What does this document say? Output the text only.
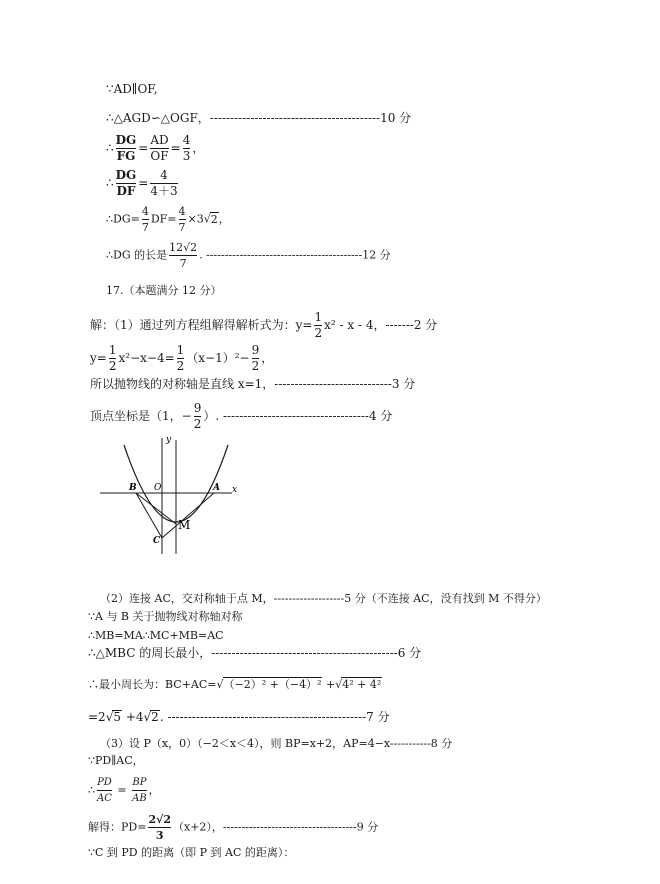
∵AD∥OF,
∴△AGD∽△OGF，------------------------------------------10 分
∴ $\frac{DG}{FG} = \frac{AD}{OF} = \frac{4}{3}$ ，
∴ $\frac{DG}{DF} = \frac{4}{4+3}$
∴DG= $\frac{4}{7} DF= \frac{4}{7} \times 3√2$，
∴DG 的长是 $\frac{12√2}{7}$ . ------------------------------------------12 分
17.（本题满分 12 分）
解：（1）通过列方程组解得解析式为：$y= \frac{1}{2} x^2 - x - 4$，-------2 分
$y= \frac{1}{2} x^2-x-4= \frac{1}{2} (x-1)^2- \frac{9}{2}$ ，
所以抛物线的对称轴是直线 x=1，-----------------------------3 分
顶点坐标是（1，− $\frac{9}{2}$ ）. ------------------------------------4 分
y
x
O
B	A
C
M
（2）连接 AC，交对称轴于点 M，-------------------5 分（不连接 AC，没有找到 M 不得分）
∵A 与 B 关于抛物线对称轴对称
∴MB=MA∴MC+MB=AC
∴△MBC 的周长最小，----------------------------------------------6 分
∴最小周长为：BC+AC=√（−2）² +（−4）² +√4² + 4²
=2√5 +4√2. -------------------------------------------------7 分
（3）设 P（x，0）（−2＜x＜4），则 BP=x+2，AP=4−x-----------8 分
∵PD∥AC，
∴ $\frac{PD}{AC} = \frac{BP}{AB}$ ，
解得：$PD= \frac{2√2}{3} (x+2)$，------------------------------------9 分
∵C 到 PD 的距离（即 P 到 AC 的距离）：
